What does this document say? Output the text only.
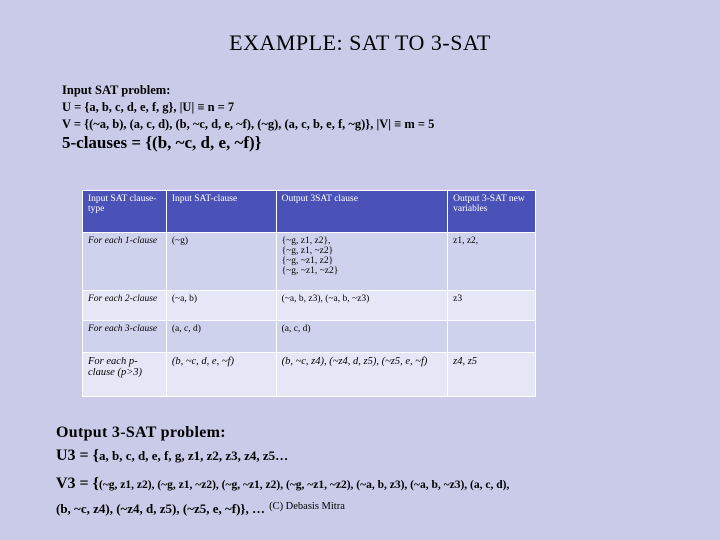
EXAMPLE: SAT TO 3-SAT
Input SAT problem:
U = {a, b, c, d, e, f, g}, |U| ≡ n = 7
V = {(~a, b), (a, c, d), (b, ~c, d, e, ~f), (~g), (a, c, b, e, f, ~g)}, |V| ≡ m = 5
5-clauses = {(b, ~c, d, e, ~f)}
Input SAT clause-type	Input SAT-clause	Output 3SAT clause	Output 3-SAT new variables
For each 1-clause	(~g)	{~g, z1, z2},
{~g, z1, ~z2}
{~g, ~z1, z2}
{~g, ~z1, ~z2}	z1, z2,
For each 2-clause	(~a, b)	(~a, b, z3), (~a, b, ~z3)	z3
For each 3-clause	(a, c, d)	(a, c, d)	
For each p-clause (p>3)	(b, ~c, d, e, ~f)	(b, ~c, z4), (~z4, d, z5), (~z5, e, ~f)	z4, z5
Output 3-SAT problem:
U3 = {a, b, c, d, e, f, g, z1, z2, z3, z4, z5…
V3 = {(~g, z1, z2), (~g, z1, ~z2), (~g, ~z1, z2), (~g, ~z1, ~z2), (~a, b, z3), (~a, b, ~z3), (a, c, d),
(b, ~c, z4), (~z4, d, z5), (~z5, e, ~f)}, … $^{(C) Debasis Mitra}$
